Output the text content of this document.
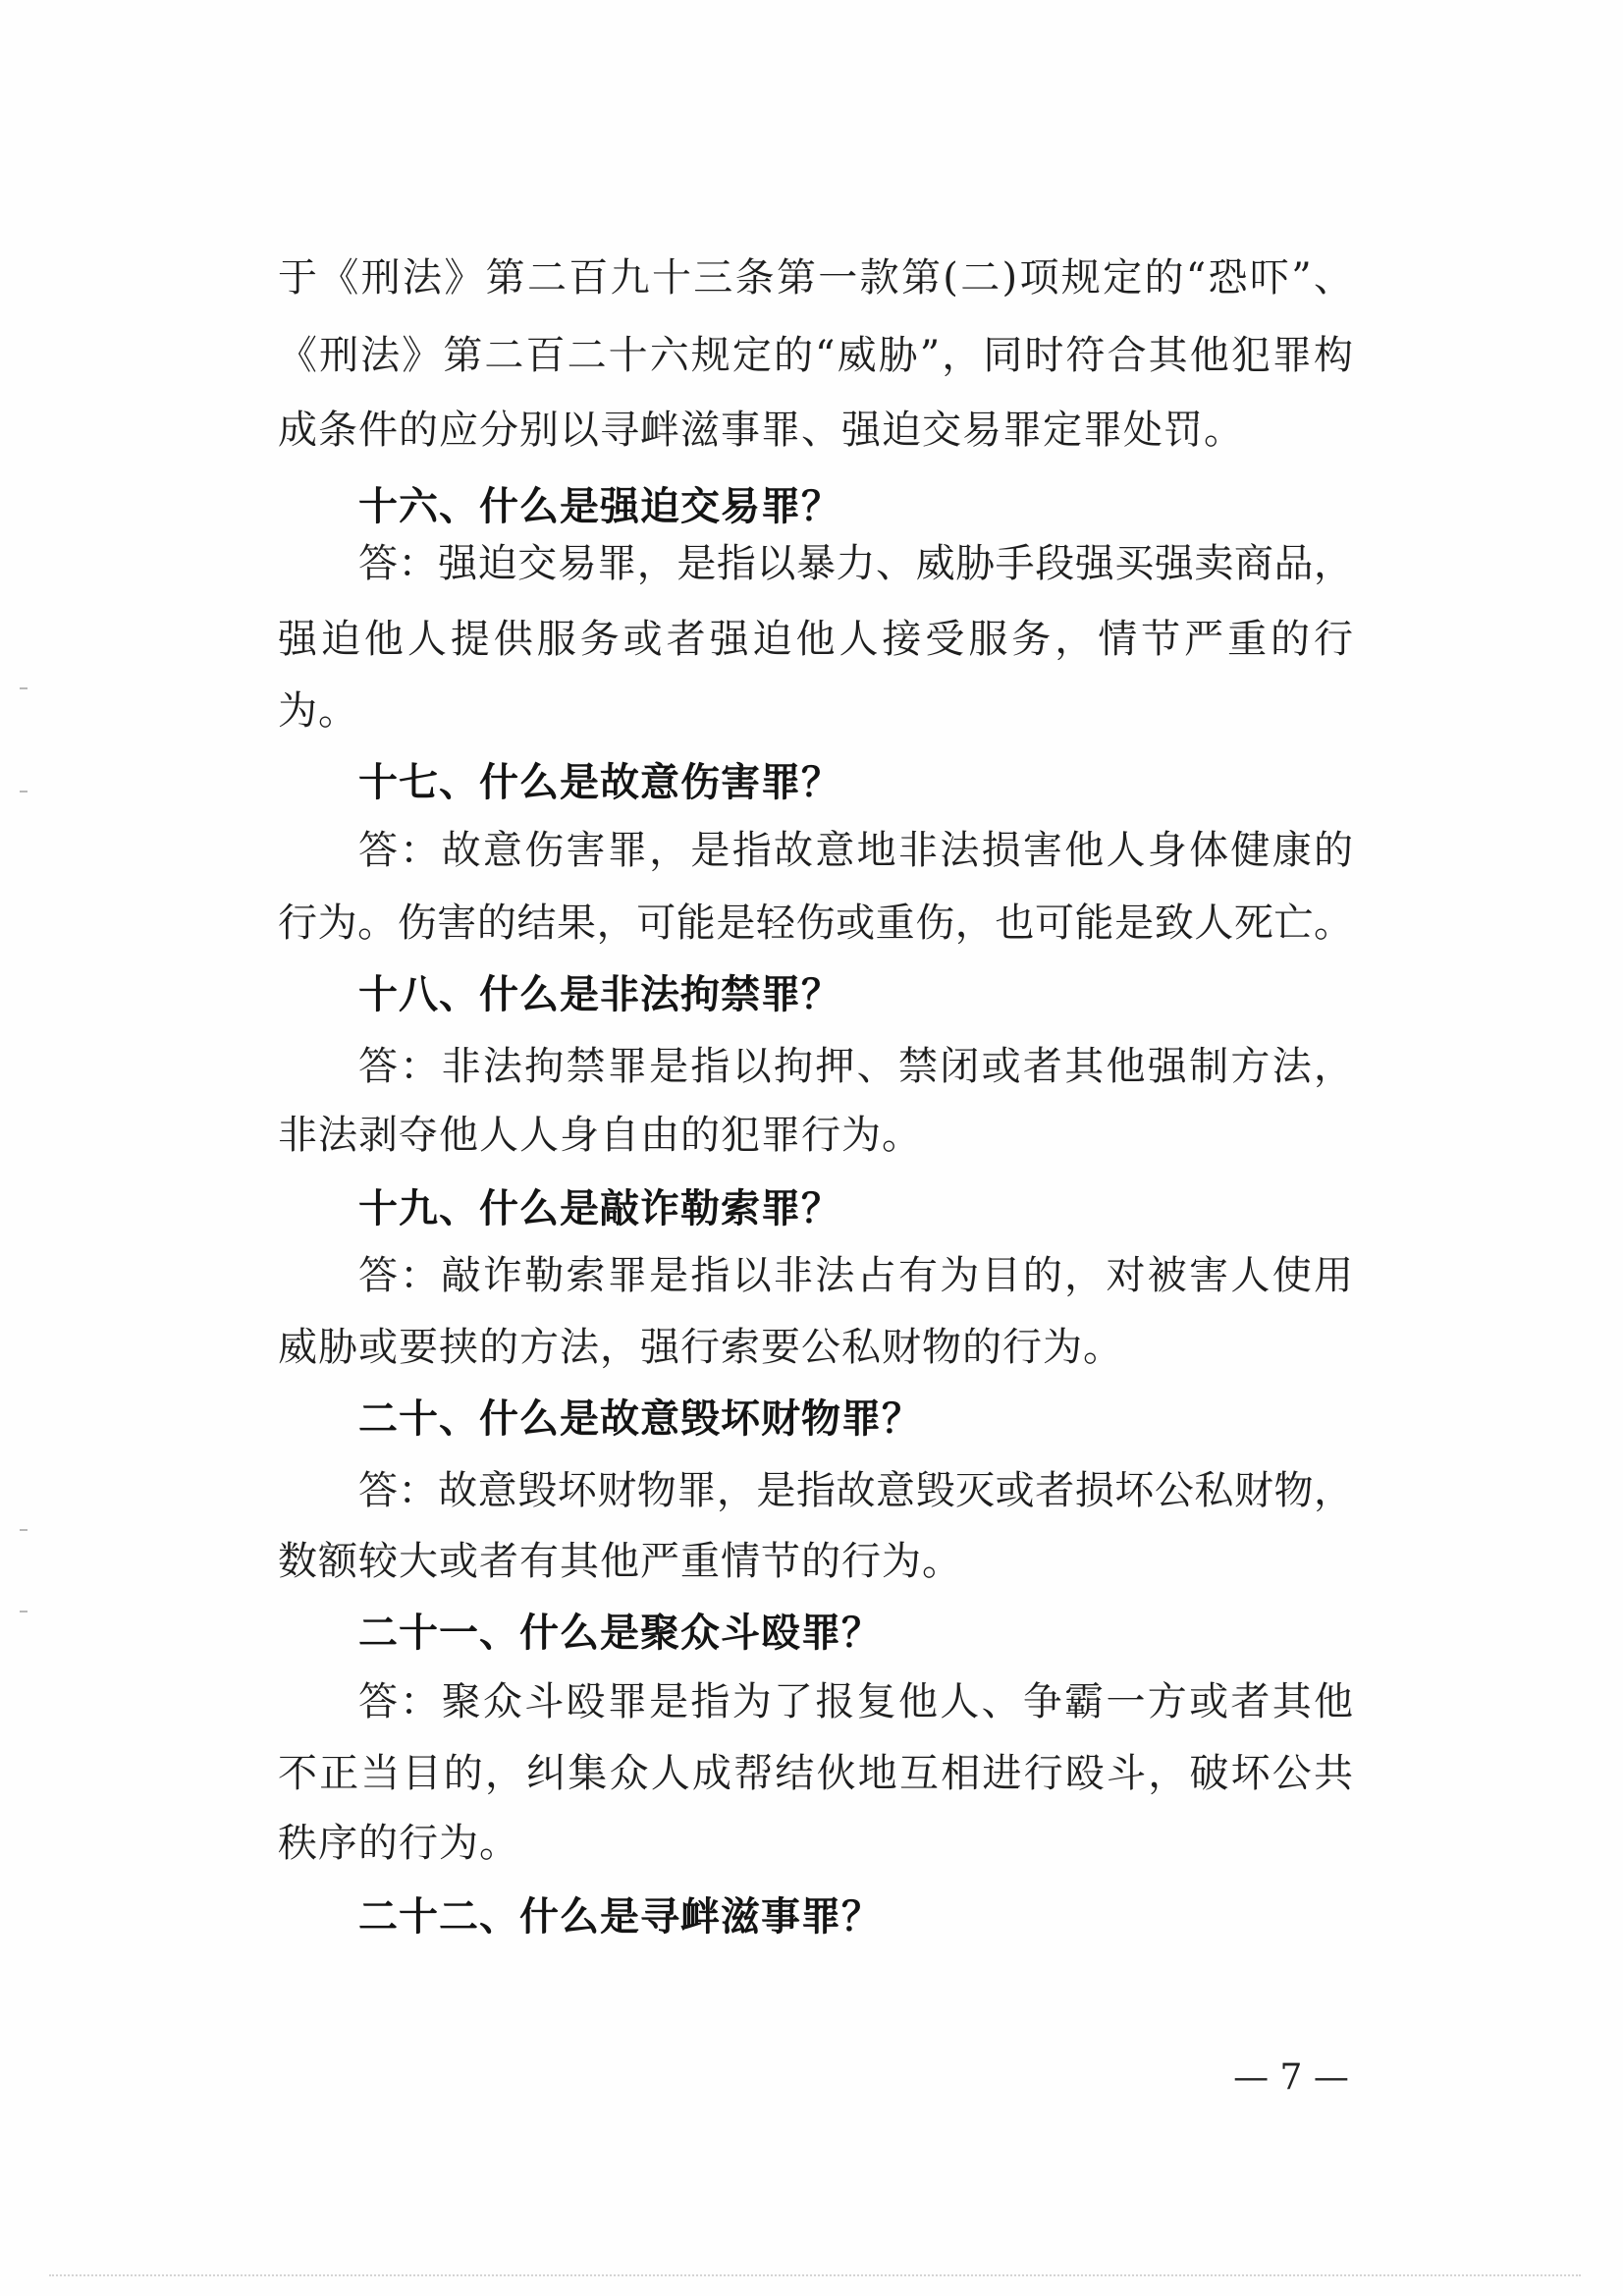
于《刑法》第二百九十三条第一款第(二)项规定的“恐吓”、
《刑法》第二百二十六规定的“威胁”，同时符合其他犯罪构
成条件的应分别以寻衅滋事罪、强迫交易罪定罪处罚。
十六、什么是强迫交易罪？
答：强迫交易罪，是指以暴力、威胁手段强买强卖商品，
强迫他人提供服务或者强迫他人接受服务，情节严重的行
为。
十七、什么是故意伤害罪？
答：故意伤害罪，是指故意地非法损害他人身体健康的
行为。伤害的结果，可能是轻伤或重伤，也可能是致人死亡。
十八、什么是非法拘禁罪？
答：非法拘禁罪是指以拘押、禁闭或者其他强制方法，
非法剥夺他人人身自由的犯罪行为。
十九、什么是敲诈勒索罪？
答：敲诈勒索罪是指以非法占有为目的，对被害人使用
威胁或要挟的方法，强行索要公私财物的行为。
二十、什么是故意毁坏财物罪？
答：故意毁坏财物罪，是指故意毁灭或者损坏公私财物，
数额较大或者有其他严重情节的行为。
二十一、什么是聚众斗殴罪？
答：聚众斗殴罪是指为了报复他人、争霸一方或者其他
不正当目的，纠集众人成帮结伙地互相进行殴斗，破坏公共
秩序的行为。
二十二、什么是寻衅滋事罪？
— 7 —
